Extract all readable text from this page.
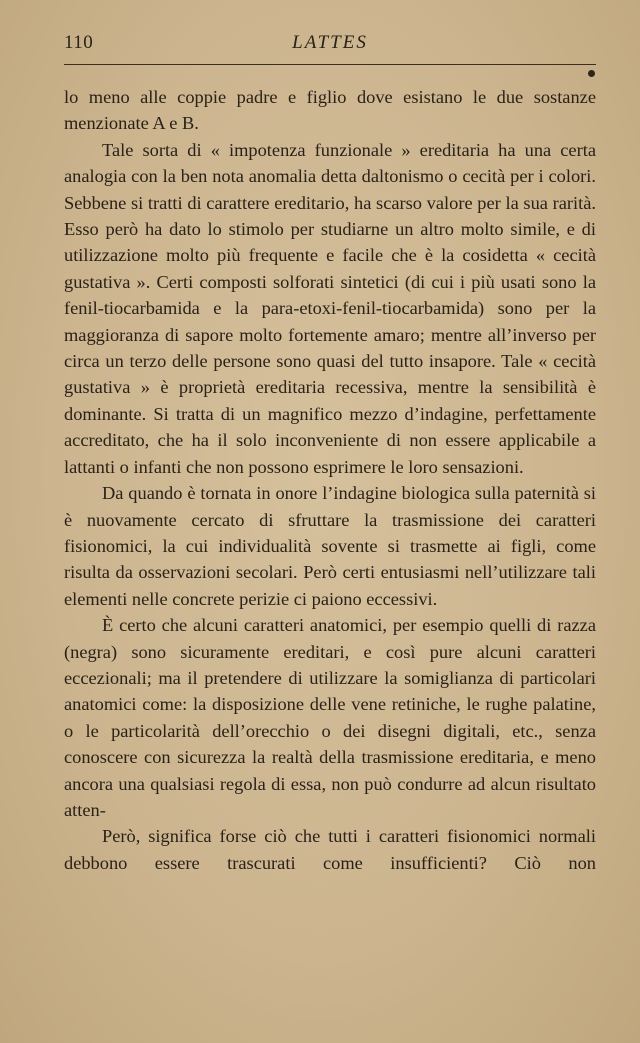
110	LATTES

lo meno alle coppie padre e figlio dove esistano le due sostanze menzionate A e B.

Tale sorta di « impotenza funzionale » ereditaria ha una certa analogia con la ben nota anomalia detta daltonismo o cecità per i colori. Sebbene si tratti di carattere ereditario, ha scarso valore per la sua rarità. Esso però ha dato lo stimolo per studiarne un altro molto simile, e di utilizzazione molto più frequente e facile che è la cosidetta « cecità gustativa ». Certi composti solforati sintetici (di cui i più usati sono la fenil-tiocarbamida e la para-etoxi-fenil-tiocarbamida) sono per la maggioranza di sapore molto fortemente amaro; mentre all’inverso per circa un terzo delle persone sono quasi del tutto insapore. Tale « cecità gustativa » è proprietà ereditaria recessiva, mentre la sensibilità è dominante. Si tratta di un magnifico mezzo d’indagine, perfettamente accreditato, che ha il solo inconveniente di non essere applicabile a lattanti o infanti che non possono esprimere le loro sensazioni.

Da quando è tornata in onore l’indagine biologica sulla paternità si è nuovamente cercato di sfruttare la trasmissione dei caratteri fisionomici, la cui individualità sovente si trasmette ai figli, come risulta da osservazioni secolari. Però certi entusiasmi nell’utilizzare tali elementi nelle concrete perizie ci paiono eccessivi.

È certo che alcuni caratteri anatomici, per esempio quelli di razza (negra) sono sicuramente ereditari, e così pure alcuni caratteri eccezionali; ma il pretendere di utilizzare la somiglianza di particolari anatomici come: la disposizione delle vene retiniche, le rughe palatine, o le particolarità dell’orecchio o dei disegni digitali, etc., senza conoscere con sicurezza la realtà della trasmissione ereditaria, e meno ancora una qualsiasi regola di essa, non può condurre ad alcun risultato atten-

Però, significa forse ciò che tutti i caratteri fisionomici normali debbono essere trascurati come insufficienti? Ciò non
